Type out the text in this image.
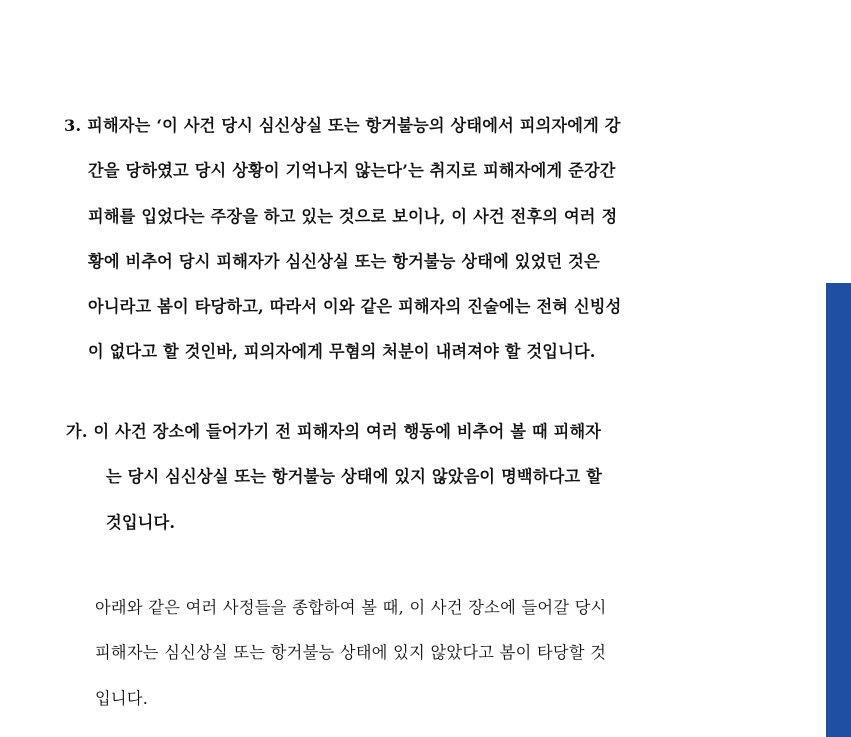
3. 피해자는 ‘이 사건 당시 심신상실 또는 항거불능의 상태에서 피의자에게 강
간을 당하였고 당시 상황이 기억나지 않는다’는 취지로 피해자에게 준강간
피해를 입었다는 주장을 하고 있는 것으로 보이나, 이 사건 전후의 여러 정
황에 비추어 당시 피해자가 심신상실 또는 항거불능 상태에 있었던 것은
아니라고 봄이 타당하고, 따라서 이와 같은 피해자의 진술에는 전혀 신빙성
이 없다고 할 것인바, 피의자에게 무혐의 처분이 내려져야 할 것입니다.
가. 이 사건 장소에 들어가기 전 피해자의 여러 행동에 비추어 볼 때 피해자
는 당시 심신상실 또는 항거불능 상태에 있지 않았음이 명백하다고 할
것입니다.
아래와 같은 여러 사정들을 종합하여 볼 때, 이 사건 장소에 들어갈 당시
피해자는 심신상실 또는 항거불능 상태에 있지 않았다고 봄이 타당할 것
입니다.
